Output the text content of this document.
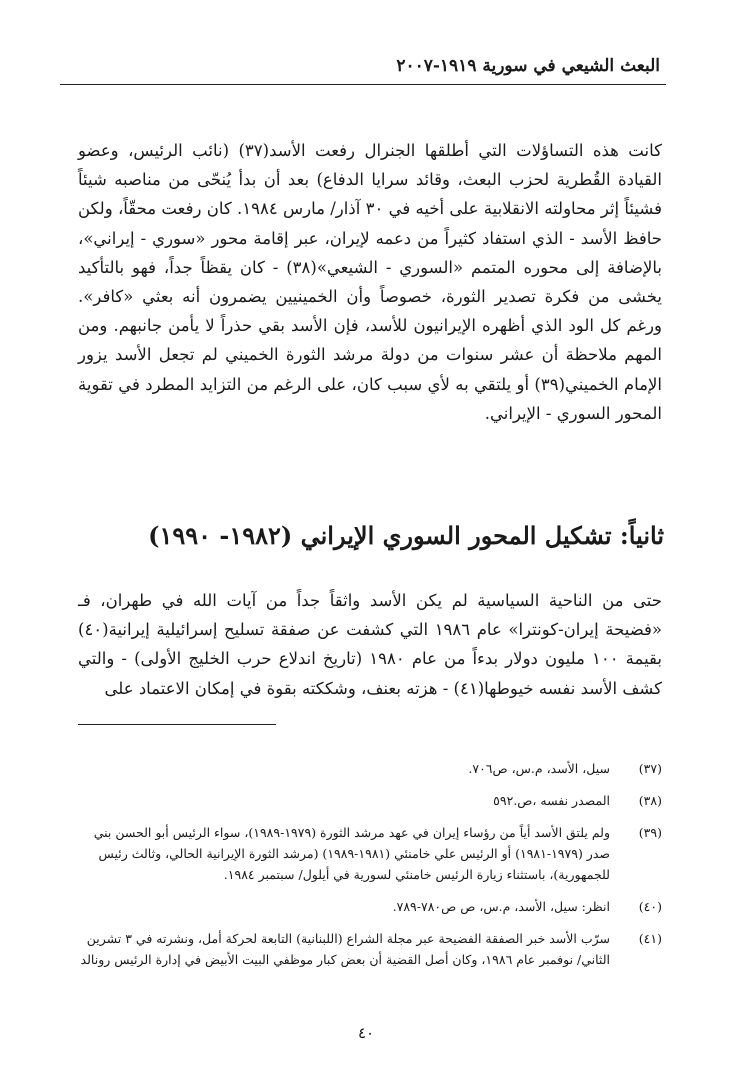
البعث الشيعي في سورية ١٩١٩-٢٠٠٧

كانت هذه التساؤلات التي أطلقها الجنرال رفعت الأسد(٣٧) (نائب الرئيس، وعضو القيادة القُطرية لحزب البعث، وقائد سرايا الدفاع) بعد أن بدأ يُنحّى من مناصبه شيئاً فشيئاً إثر محاولته الانقلابية على أخيه في ٣٠ آذار/ مارس ١٩٨٤. كان رفعت محقّاً، ولكن حافظ الأسد - الذي استفاد كثيراً من دعمه لإيران، عبر إقامة محور «سوري - إيراني»، بالإضافة إلى محوره المتمم «السوري - الشيعي»(٣٨) - كان يقظاً جداً، فهو بالتأكيد يخشى من فكرة تصدير الثورة، خصوصاً وأن الخمينيين يضمرون أنه بعثي «كافر». ورغم كل الود الذي أظهره الإيرانيون للأسد، فإن الأسد بقي حذراً لا يأمن جانبهم. ومن المهم ملاحظة أن عشر سنوات من دولة مرشد الثورة الخميني لم تجعل الأسد يزور الإمام الخميني(٣٩) أو يلتقي به لأي سبب كان، على الرغم من التزايد المطرد في تقوية المحور السوري - الإيراني.

ثانياً: تشكيل المحور السوري الإيراني (١٩٨٢- ١٩٩٠)

حتى من الناحية السياسية لم يكن الأسد واثقاً جداً من آيات الله في طهران، فـ «فضيحة إيران-كونترا» عام ١٩٨٦ التي كشفت عن صفقة تسليح إسرائيلية إيرانية(٤٠) بقيمة ١٠٠ مليون دولار بدءاً من عام ١٩٨٠ (تاريخ اندلاع حرب الخليج الأولى) - والتي كشف الأسد نفسه خيوطها(٤١) - هزته بعنف، وشككته بقوة في إمكان الاعتماد على

(٣٧)
سيل، الأسد، م.س، ص٧٠٦.
(٣٨)
المصدر نفسه ،ص.٥٩٢
(٣٩)
ولم يلتق الأسد أياً من رؤساء إيران في عهد مرشد الثورة (١٩٧٩-١٩٨٩)، سواء الرئيس أبو الحسن بني صدر (١٩٧٩-١٩٨١) أو الرئيس علي خامنئي (١٩٨١-١٩٨٩) (مرشد الثورة الإيرانية الحالي، وثالث رئيس للجمهورية)، باستثناء زيارة الرئيس خامنئي لسورية في أيلول/ سبتمبر ١٩٨٤.
(٤٠)
انظر: سيل، الأسد، م.س، ص ص٧٨٠-٧٨٩.
(٤١)
سرّب الأسد خبر الصفقة الفضيحة عبر مجلة الشراع (اللبنانية) التابعة لحركة أمل، ونشرته في ٣ تشرين الثاني/ نوفمبر عام ١٩٨٦، وكان أصل القضية أن بعض كبار موظفي البيت الأبيض في إدارة الرئيس رونالد
٤٠
